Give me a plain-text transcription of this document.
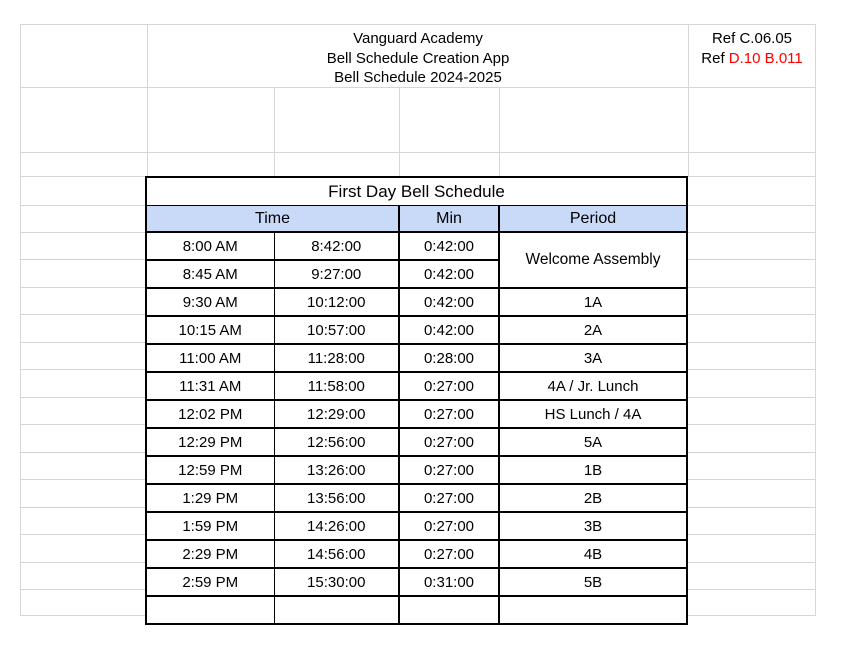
Vanguard Academy
Bell Schedule Creation App
Bell Schedule 2024-2025
Ref C.06.05
Ref D.10 B.011
First Day Bell Schedule			
Time		Min	Period
8:00 AM	8:42:00	0:42:00	Welcome Assembly
8:45 AM	9:27:00	0:42:00	
9:30 AM	10:12:00	0:42:00	1A
10:15 AM	10:57:00	0:42:00	2A
11:00 AM	11:28:00	0:28:00	3A
11:31 AM	11:58:00	0:27:00	4A / Jr. Lunch
12:02 PM	12:29:00	0:27:00	HS Lunch / 4A
12:29 PM	12:56:00	0:27:00	5A
12:59 PM	13:26:00	0:27:00	1B
1:29 PM	13:56:00	0:27:00	2B
1:59 PM	14:26:00	0:27:00	3B
2:29 PM	14:56:00	0:27:00	4B
2:59 PM	15:30:00	0:31:00	5B
